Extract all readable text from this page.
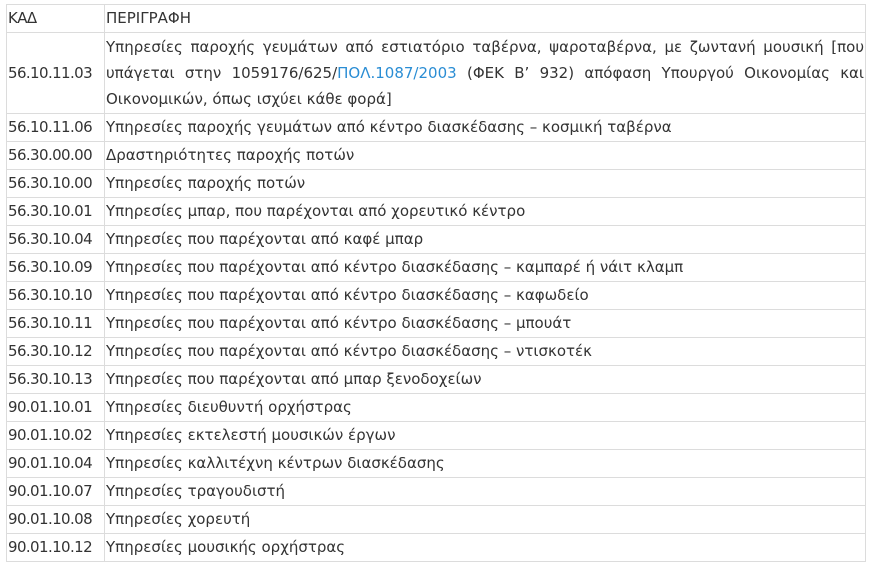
ΚΑΔ	ΠΕΡΙΓΡΑΦΗ
56.10.11.03	Υπηρεσίες παροχής γευμάτων από εστιατόριο ταβέρνα, ψαροταβέρνα, με ζωντανή μουσική [που υπάγεται στην 1059176/625/ΠΟΛ.1087/2003 (ΦΕΚ Β’ 932) απόφαση Υπουργού Οικονομίας και Οικονομικών, όπως ισχύει κάθε φορά]
56.10.11.06	Υπηρεσίες παροχής γευμάτων από κέντρο διασκέδασης – κοσμική ταβέρνα
56.30.00.00	Δραστηριότητες παροχής ποτών
56.30.10.00	Υπηρεσίες παροχής ποτών
56.30.10.01	Υπηρεσίες μπαρ, που παρέχονται από χορευτικό κέντρο
56.30.10.04	Υπηρεσίες που παρέχονται από καφέ μπαρ
56.30.10.09	Υπηρεσίες που παρέχονται από κέντρο διασκέδασης – καμπαρέ ή νάιτ κλαμπ
56.30.10.10	Υπηρεσίες που παρέχονται από κέντρο διασκέδασης – καφωδείο
56.30.10.11	Υπηρεσίες που παρέχονται από κέντρο διασκέδασης – μπουάτ
56.30.10.12	Υπηρεσίες που παρέχονται από κέντρο διασκέδασης – ντισκοτέκ
56.30.10.13	Υπηρεσίες που παρέχονται από μπαρ ξενοδοχείων
90.01.10.01	Υπηρεσίες διευθυντή ορχήστρας
90.01.10.02	Υπηρεσίες εκτελεστή μουσικών έργων
90.01.10.04	Υπηρεσίες καλλιτέχνη κέντρων διασκέδασης
90.01.10.07	Υπηρεσίες τραγουδιστή
90.01.10.08	Υπηρεσίες χορευτή
90.01.10.12	Υπηρεσίες μουσικής ορχήστρας
